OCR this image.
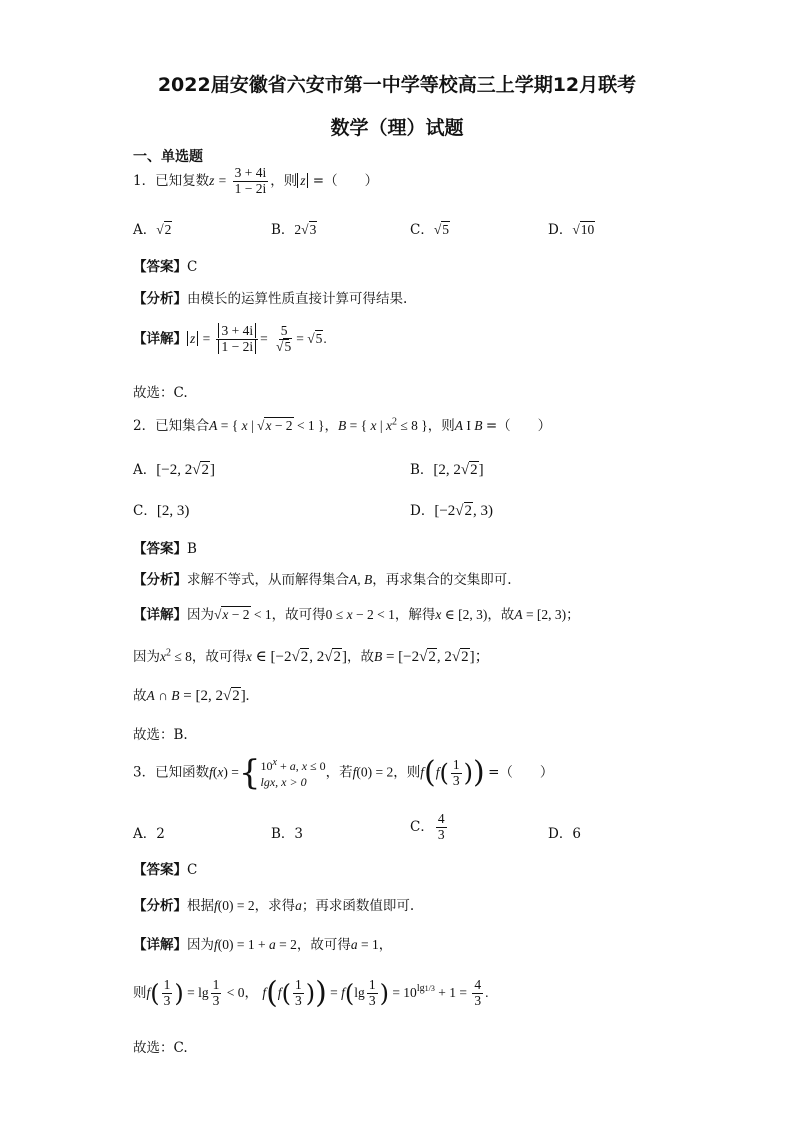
2022届安徽省六安市第一中学等校高三上学期12月联考
数学（理）试题
一、单选题
1．已知复数$z = \frac{3 + 4i}{1 - 2i}$ ，则 z =（　　）
A．√2	B．2√3	C．√5	D．√10
【答案】C
【分析】由模长的运算性质直接计算可得结果.
【详解】 $z = \frac{3 + 4i}{1 - 2i} = \frac{5}{√5} = √5$.
故选：C.
2．已知集合A = { x | √x − 2 < 1 }，B = { x | $x^2 \le 8$ }，则A I B =（　　）
A．[−2, 2√2]	B．[2, 2√2]
C．[2, 3)	D．[−2√2, 3)
【答案】B
【分析】求解不等式，从而解得集合A, B，再求集合的交集即可.
【详解】因为√x − 2 < 1，故可得0 ≤ x − 2 < 1，解得x ∈ [2, 3)，故A = [2, 3)；
因为$x^2 \le 8$，故可得x ∈ [−2√2, 2√2]，故B = [−2√2, 2√2]；
故A ∩ B = [2, 2√2].
故选：B.
3．已知函数f(x) ={ $10^x + a$, x ≤ 0
lgx, x > 0
，若f(0) = 2，则$f(f( \frac{1}{3}$ )) =（　　）
A．2	B．3	C． $\frac{4}{3}$	D．6
【答案】C
【分析】根据f(0) = 2，求得a；再求函数值即可.
【详解】因为f(0) = 1 + a = 2，故可得a = 1，
则$f( \frac{1}{3}$ ) = $\lg \frac{1}{3} < 0$， $f(f( \frac{1}{3}$ )) = $f(\lg \frac{1}{3}$ ) = $10^{lg1/3} + 1 = \frac{4}{3}$ .
故选：C.
